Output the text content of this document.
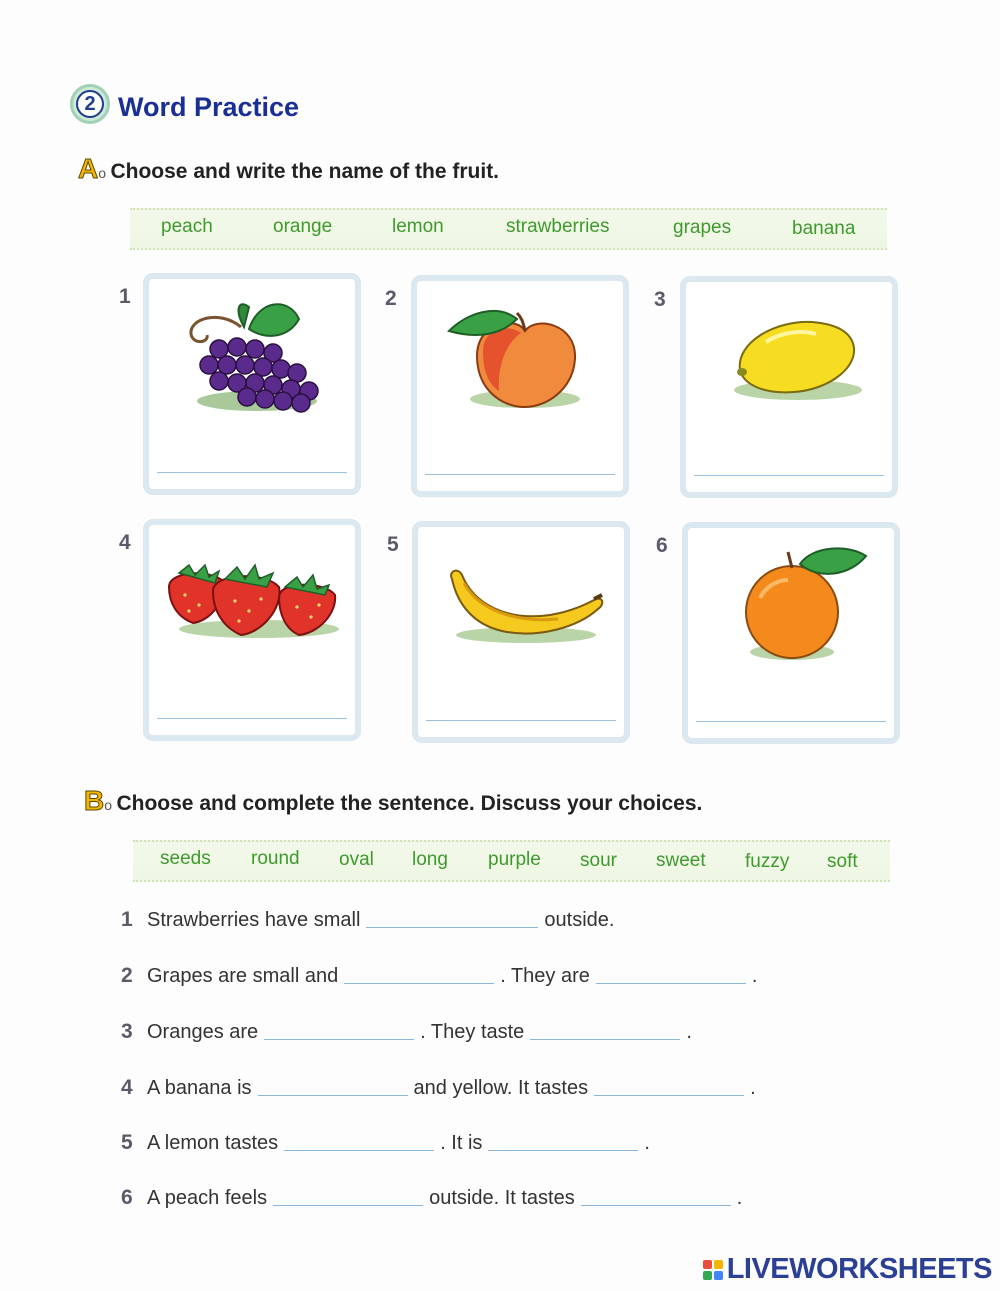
2 Word Practice
Ao Choose and write the name of the fruit.
peach	orange	lemon	strawberries	grapes	banana
1	2	3
4	5	6
Bo Choose and complete the sentence. Discuss your choices.
seeds round oval long purple sour sweet fuzzy soft
1 Strawberries have small	outside.
2 Grapes are small and	. They are	.
3 Oranges are	. They taste	.
4 A banana is	and yellow. It tastes	.
5 A lemon tastes	. It is	.
6 A peach feels	outside. It tastes	.
LIVEWORKSHEETS
